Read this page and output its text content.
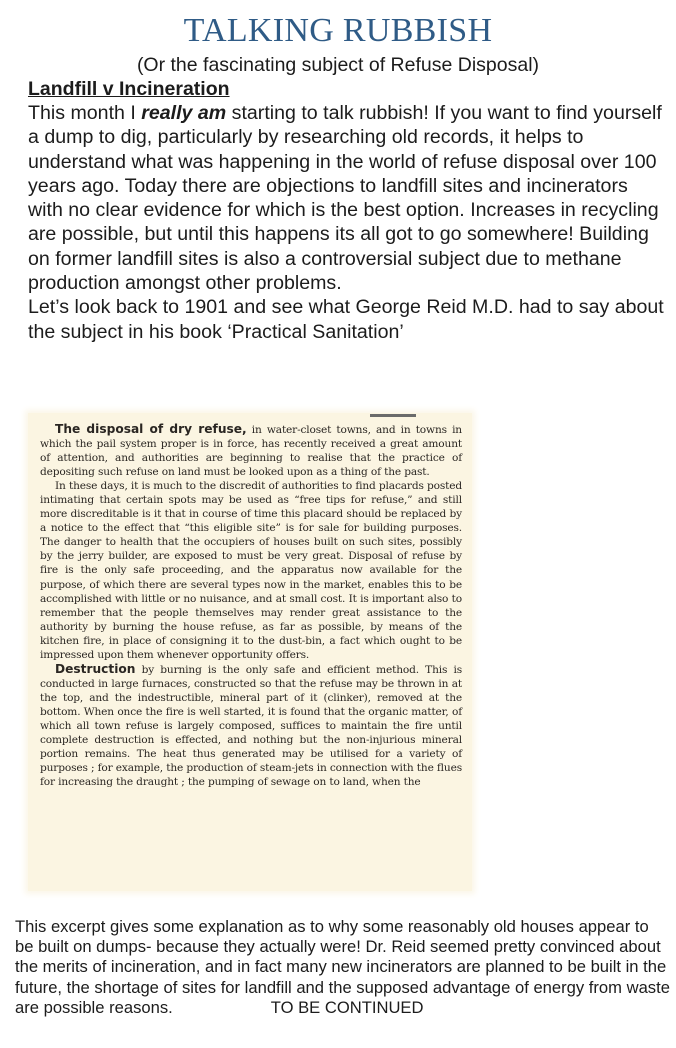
TALKING RUBBISH
(Or the fascinating subject of Refuse Disposal)
Landfill v Incineration

This month I really am starting to talk rubbish! If you want to find yourself a dump to dig, particularly by researching old records, it helps to understand what was happening in the world of refuse disposal over 100 years ago. Today there are objections to landfill sites and incinerators with no clear evidence for which is the best option. Increases in recycling are possible, but until this happens its all got to go somewhere! Building on former landfill sites is also a controversial subject due to methane production amongst other problems.

Let’s look back to 1901 and see what George Reid M.D. had to say about the subject in his book ‘Practical Sanitation’

The disposal of dry refuse, in water-closet towns, and in towns in which the pail system proper is in force, has recently received a great amount of attention, and authorities are beginning to realise that the practice of depositing such refuse on land must be looked upon as a thing of the past.

In these days, it is much to the discredit of authorities to find placards posted intimating that certain spots may be used as “free tips for refuse,” and still more discreditable is it that in course of time this placard should be replaced by a notice to the effect that “this eligible site” is for sale for building purposes. The danger to health that the occupiers of houses built on such sites, possibly by the jerry builder, are exposed to must be very great. Disposal of refuse by fire is the only safe proceeding, and the apparatus now available for the purpose, of which there are several types now in the market, enables this to be accomplished with little or no nuisance, and at small cost. It is important also to remember that the people themselves may render great assistance to the authority by burning the house refuse, as far as possible, by means of the kitchen fire, in place of consigning it to the dust-bin, a fact which ought to be impressed upon them whenever opportunity offers.

Destruction by burning is the only safe and efficient method. This is conducted in large furnaces, constructed so that the refuse may be thrown in at the top, and the indestructible, mineral part of it (clinker), removed at the bottom. When once the fire is well started, it is found that the organic matter, of which all town refuse is largely composed, suffices to maintain the fire until complete destruction is effected, and nothing but the non-injurious mineral portion remains. The heat thus generated may be utilised for a variety of purposes ; for example, the production of steam-jets in connection with the flues for increasing the draught ; the pumping of sewage on to land, when the

This excerpt gives some explanation as to why some reasonably old houses appear to be built on dumps- because they actually were! Dr. Reid seemed pretty convinced about the merits of incineration, and in fact many new incinerators are planned to be built in the future, the shortage of sites for landfill and the supposed advantage of energy from waste are possible reasons.	TO BE CONTINUED
